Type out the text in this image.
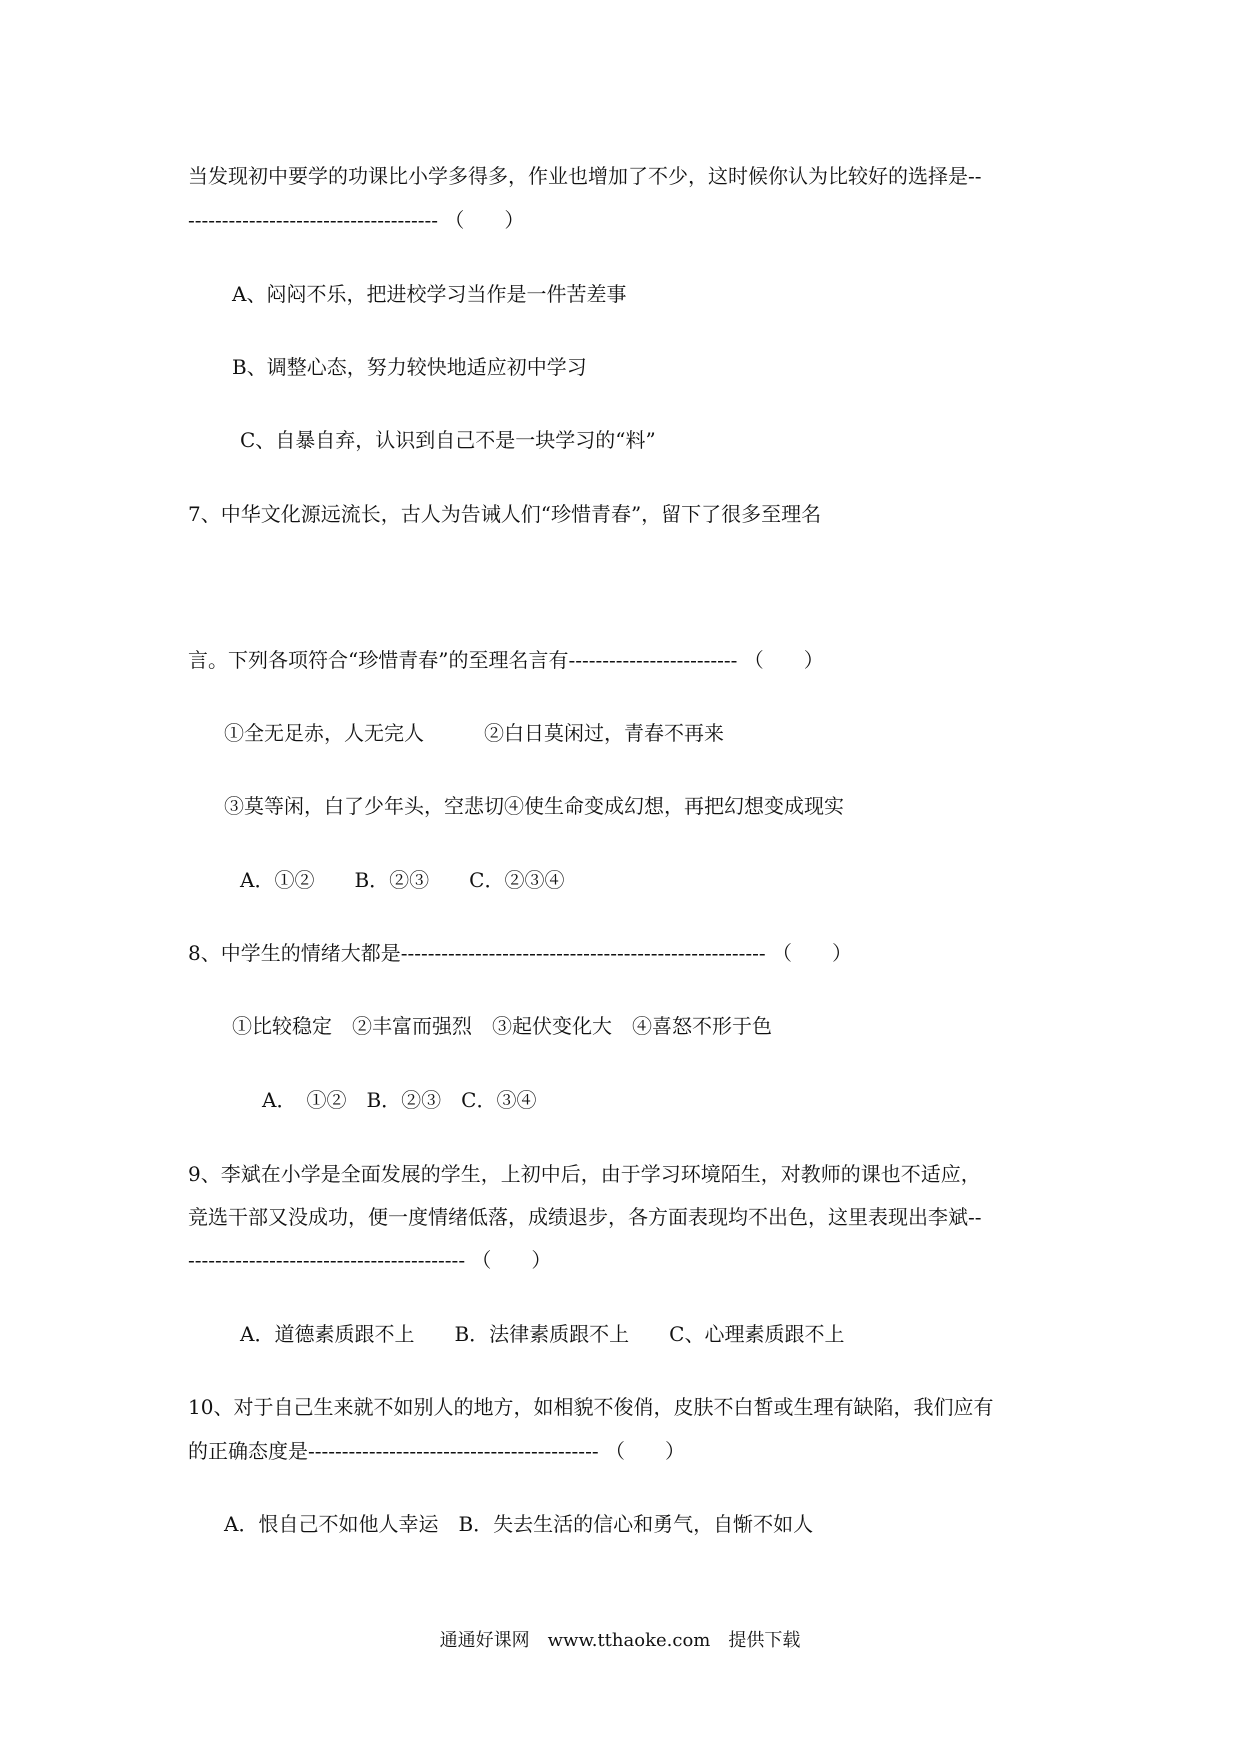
当发现初中要学的功课比小学多得多，作业也增加了不少，这时候你认为比较好的选择是--
------------------------------------- （　　）
A、闷闷不乐，把进校学习当作是一件苦差事
B、调整心态，努力较快地适应初中学习
C、自暴自弃，认识到自己不是一块学习的“料”
7、中华文化源远流长，古人为告诫人们“珍惜青春”，留下了很多至理名
言。下列各项符合“珍惜青春”的至理名言有------------------------- （　　）
①全无足赤，人无完人　　　②白日莫闲过，青春不再来
③莫等闲，白了少年头，空悲切④使生命变成幻想，再把幻想变成现实
A．①②　　B．②③　　C．②③④
8、中学生的情绪大都是------------------------------------------------------ （　　）
①比较稳定　②丰富而强烈　③起伏变化大　④喜怒不形于色
A．　①②　B．②③　C．③④
9、李斌在小学是全面发展的学生，上初中后，由于学习环境陌生，对教师的课也不适应，
竞选干部又没成功，便一度情绪低落，成绩退步，各方面表现均不出色，这里表现出李斌--
----------------------------------------- （　　）
A．道德素质跟不上　　B．法律素质跟不上　　C、心理素质跟不上
10、对于自己生来就不如别人的地方，如相貌不俊俏，皮肤不白皙或生理有缺陷，我们应有
的正确态度是------------------------------------------- （　　）
A．恨自己不如他人幸运　B．失去生活的信心和勇气，自惭不如人
通通好课网　www.tthaoke.com　提供下载
